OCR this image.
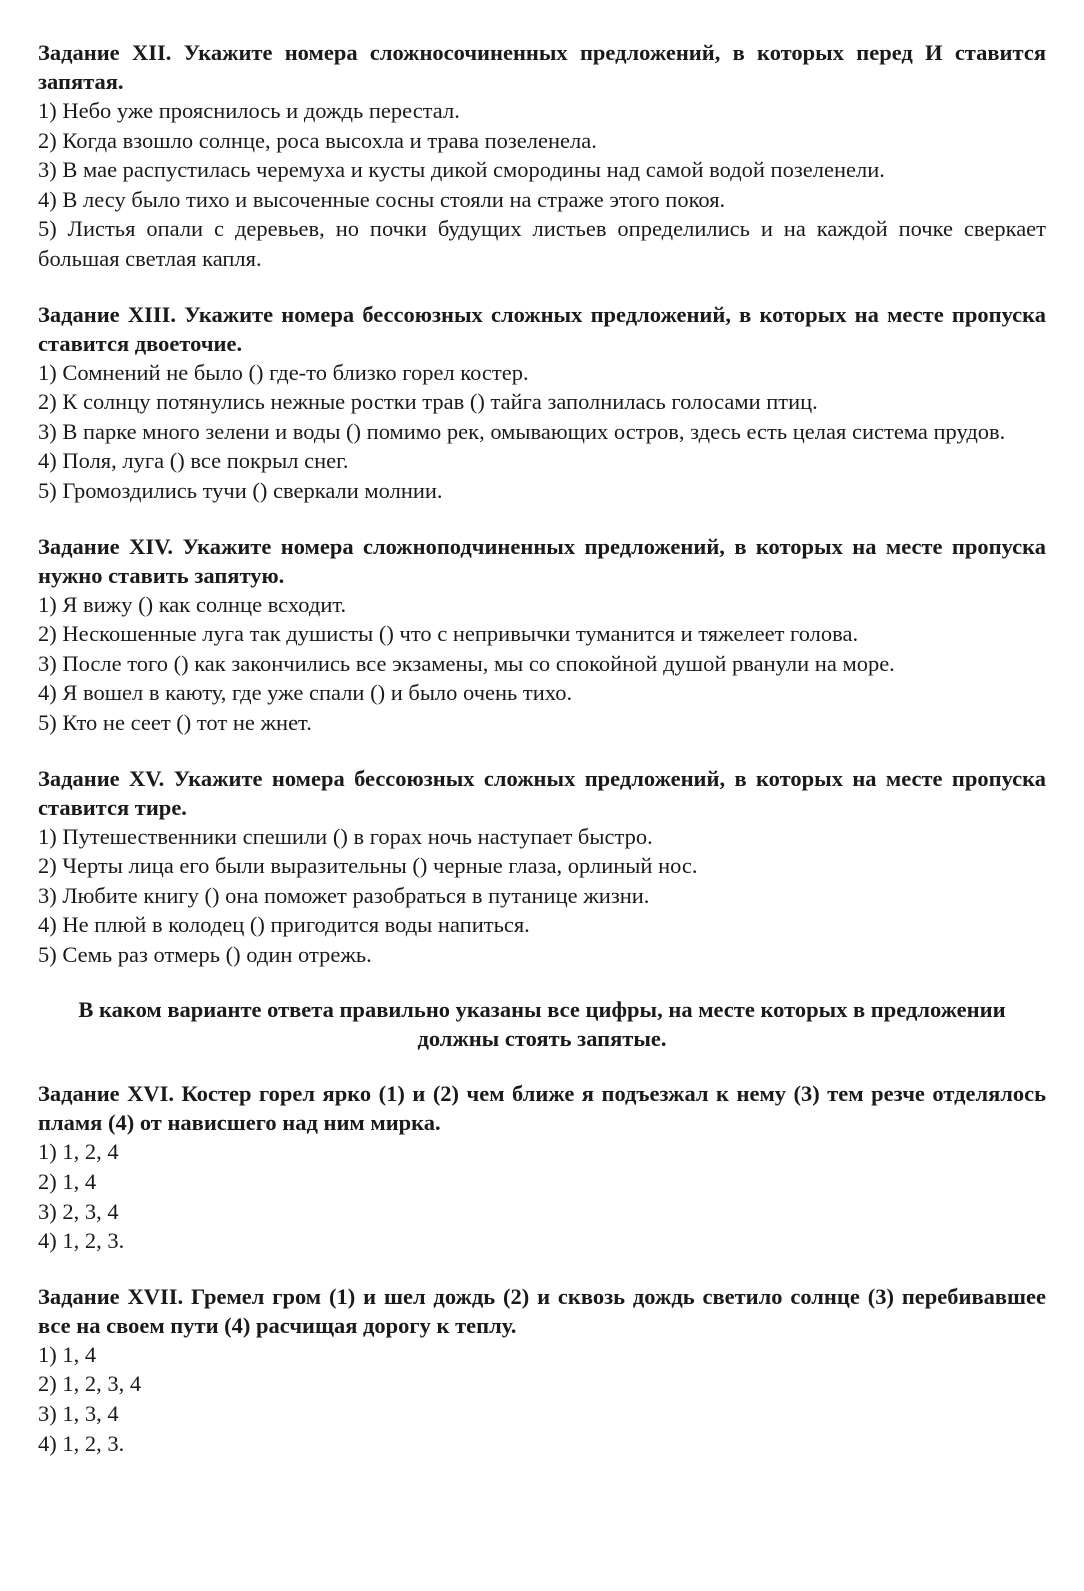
Задание XII. Укажите номера сложносочиненных предложений, в которых перед И ставится запятая.

1) Небо уже прояснилось и дождь перестал.

2) Когда взошло солнце, роса высохла и трава позеленела.

3) В мае распустилась черемуха и кусты дикой смородины над самой водой позеленели.

4) В лесу было тихо и высоченные сосны стояли на страже этого покоя.

5) Листья опали с деревьев, но почки будущих листьев определились и на каждой почке сверкает большая светлая капля.

Задание XIII. Укажите номера бессоюзных сложных предложений, в которых на месте пропуска ставится двоеточие.

1) Сомнений не было () где-то близко горел костер.

2) К солнцу потянулись нежные ростки трав () тайга заполнилась голосами птиц.

3) В парке много зелени и воды () помимо рек, омывающих остров, здесь есть целая система прудов.

4) Поля, луга () все покрыл снег.

5) Громоздились тучи () сверкали молнии.

Задание XIV. Укажите номера сложноподчиненных предложений, в которых на месте пропуска нужно ставить запятую.

1) Я вижу () как солнце всходит.

2) Нескошенные луга так душисты () что с непривычки туманится и тяжелеет голова.

3) После того () как закончились все экзамены, мы со спокойной душой рванули на море.

4) Я вошел в каюту, где уже спали () и было очень тихо.

5) Кто не сеет () тот не жнет.

Задание XV. Укажите номера бессоюзных сложных предложений, в которых на месте пропуска ставится тире.

1) Путешественники спешили () в горах ночь наступает быстро.

2) Черты лица его были выразительны () черные глаза, орлиный нос.

3) Любите книгу () она поможет разобраться в путанице жизни.

4) Не плюй в колодец () пригодится воды напиться.

5) Семь раз отмерь () один отрежь.

В каком варианте ответа правильно указаны все цифры, на месте которых в предложении должны стоять запятые.

Задание XVI. Костер горел ярко (1) и (2) чем ближе я подъезжал к нему (3) тем резче отделялось пламя (4) от нависшего над ним мирка.

1) 1, 2, 4

2) 1, 4

3) 2, 3, 4

4) 1, 2, 3.

Задание XVII. Гремел гром (1) и шел дождь (2) и сквозь дождь светило солнце (3) перебивавшее все на своем пути (4) расчищая дорогу к теплу.

1) 1, 4

2) 1, 2, 3, 4

3) 1, 3, 4

4) 1, 2, 3.
